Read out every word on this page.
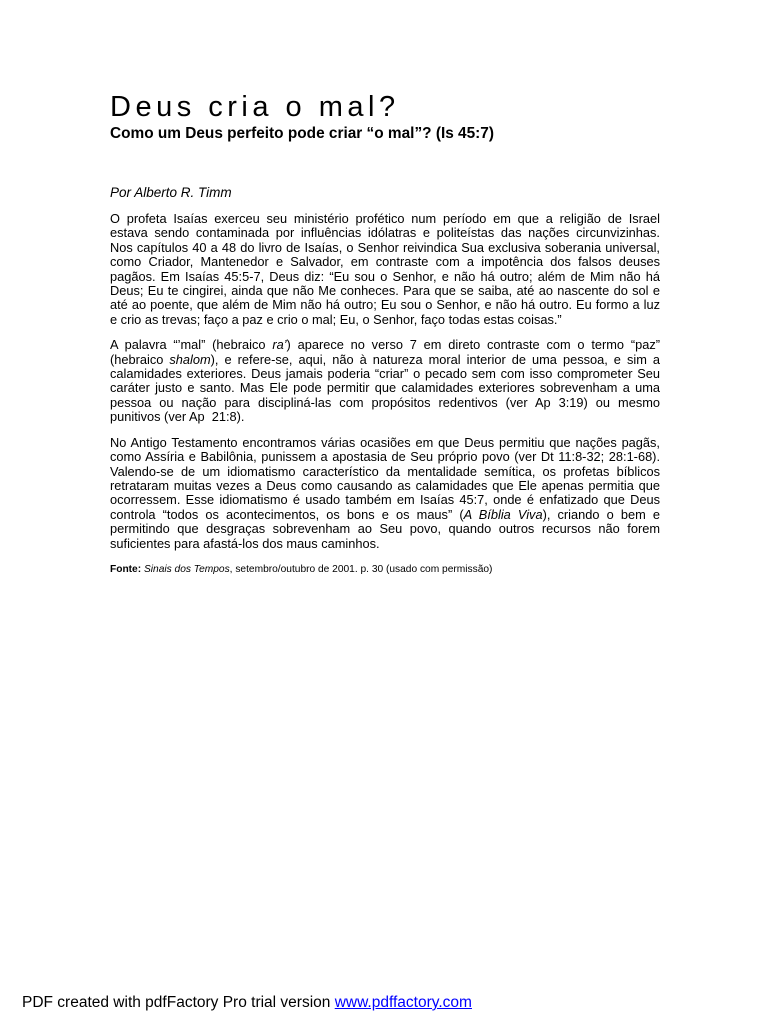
Deus cria o mal?
Como um Deus perfeito pode criar “o mal”? (Is 45:7)

Por Alberto R. Timm

O profeta Isaías exerceu seu ministério profético num período em que a religião de Israel
estava sendo contaminada por influências idólatras e politeístas das nações circunvizinhas.
Nos capítulos 40 a 48 do livro de Isaías, o Senhor reivindica Sua exclusiva soberania universal,
como Criador, Mantenedor e Salvador, em contraste com a impotência dos falsos deuses
pagãos. Em Isaías 45:5-7, Deus diz: “Eu sou o Senhor, e não há outro; além de Mim não há
Deus; Eu te cingirei, ainda que não Me conheces. Para que se saiba, até ao nascente do sol e
até ao poente, que além de Mim não há outro; Eu sou o Senhor, e não há outro. Eu formo a luz
e crio as trevas; faço a paz e crio o mal; Eu, o Senhor, faço todas estas coisas.”
A palavra “’mal” (hebraico ra’) aparece no verso 7 em direto contraste com o termo “paz”
(hebraico shalom), e refere-se, aqui, não à natureza moral interior de uma pessoa, e sim a
calamidades exteriores. Deus jamais poderia “criar” o pecado sem com isso comprometer Seu
caráter justo e santo. Mas Ele pode permitir que calamidades exteriores sobrevenham a uma
pessoa ou nação para discipliná-las com propósitos redentivos (ver Ap 3:19) ou mesmo
punitivos (ver Ap  21:8).
No Antigo Testamento encontramos várias ocasiões em que Deus permitiu que nações pagãs,
como Assíria e Babilônia, punissem a apostasia de Seu próprio povo (ver Dt 11:8-32; 28:1-68).
Valendo-se de um idiomatismo característico da mentalidade semítica, os profetas bíblicos
retrataram muitas vezes a Deus como causando as calamidades que Ele apenas permitia que
ocorressem. Esse idiomatismo é usado também em Isaías 45:7, onde é enfatizado que Deus
controla “todos os acontecimentos, os bons e os maus” (A Bíblia Viva), criando o bem e
permitindo que desgraças sobrevenham ao Seu povo, quando outros recursos não forem
suficientes para afastá-los dos maus caminhos.

Fonte: Sinais dos Tempos, setembro/outubro de 2001. p. 30 (usado com permissão)

PDF created with pdfFactory Pro trial version www.pdffactory.com
